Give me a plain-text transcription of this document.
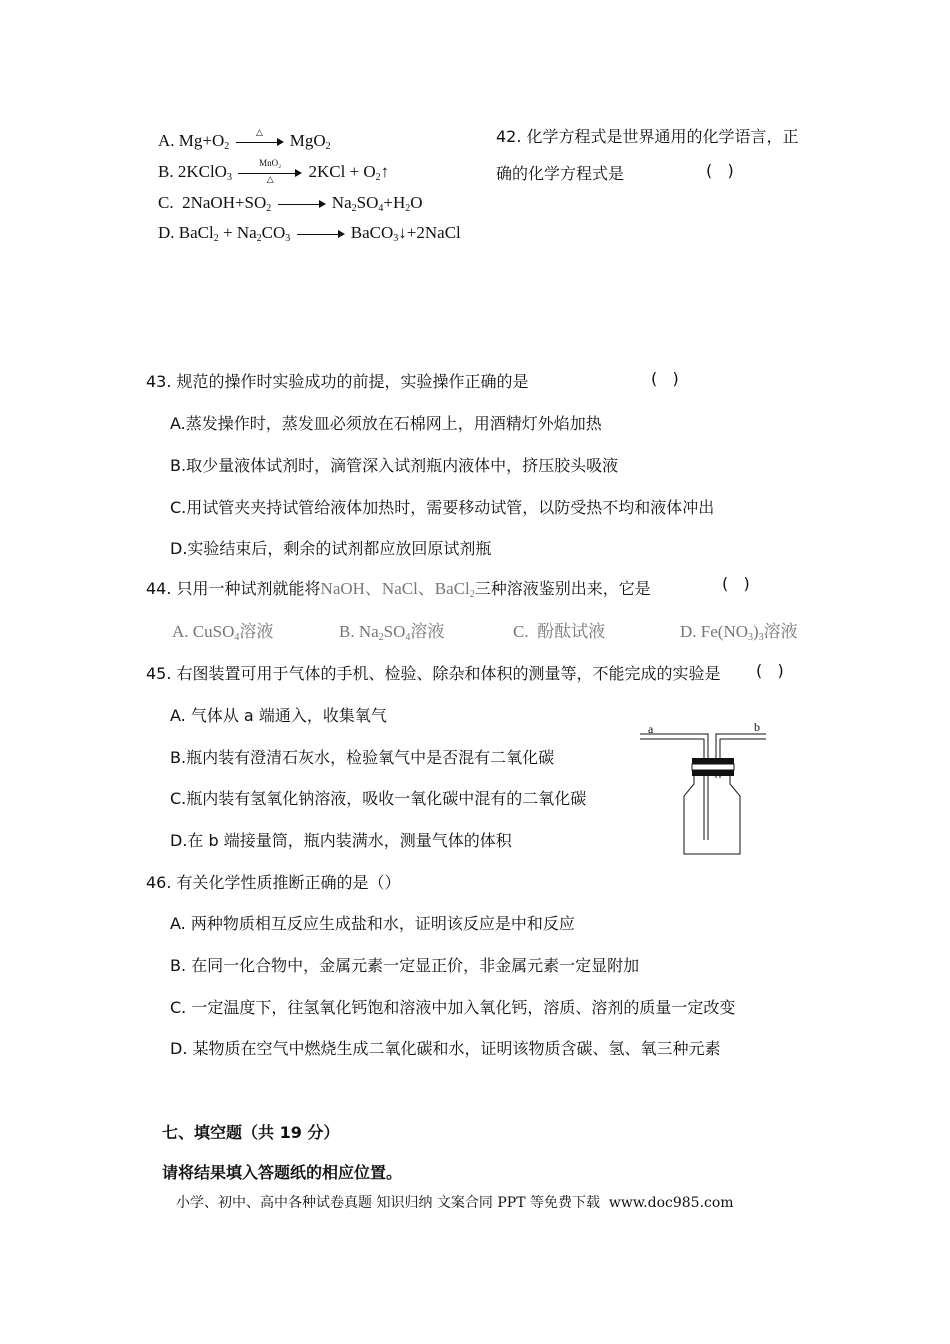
42. 化学方程式是世界通用的化学语言，正
确的化学方程式是	(   )
A. $Mg+O_2$
△	MgO$_2$
B. 2KClO$_3$
MnO₂
△	$2KCl + O_2↑$
C.  $2NaOH+SO_2$	$Na_2SO_4+H_2O$
D. BaCl$_2$ + $Na_2CO_3$	BaCO$_3$↓+2NaCl
43. 规范的操作时实验成功的前提，实验操作正确的是	(   )
A.蒸发操作时，蒸发皿必须放在石棉网上，用酒精灯外焰加热
B.取少量液体试剂时，滴管深入试剂瓶内液体中，挤压胶头吸液
C.用试管夹夹持试管给液体加热时，需要移动试管，以防受热不均和液体冲出
D.实验结束后，剩余的试剂都应放回原试剂瓶
44. 只用一种试剂就能将NaOH、NaCl、BaCl$_2$三种溶液鉴别出来，它是	(   )
A. CuSO$_4$溶液	B. $Na_2SO_4$溶液	C.  酚酞试液	D. $Fe(NO_3)_3$溶液
45. 右图装置可用于气体的手机、检验、除杂和体积的测量等，不能完成的实验是 (   )
A. 气体从 a 端通入，收集氧气
B.瓶内装有澄清石灰水，检验氧气中是否混有二氧化碳
C.瓶内装有氢氧化钠溶液，吸收一氧化碳中混有的二氧化碳
D.在 b 端接量筒，瓶内装满水，测量气体的体积
a	b
46. 有关化学性质推断正确的是（）
A. 两种物质相互反应生成盐和水，证明该反应是中和反应
B. 在同一化合物中，金属元素一定显正价，非金属元素一定显附加
C. 一定温度下，往氢氧化钙饱和溶液中加入氧化钙，溶质、溶剂的质量一定改变
D. 某物质在空气中燃烧生成二氧化碳和水，证明该物质含碳、氢、氧三种元素
七、填空题（共 19 分）
请将结果填入答题纸的相应位置。
小学、初中、高中各种试卷真题 知识归纳 文案合同 PPT 等免费下载  www.doc985.com
